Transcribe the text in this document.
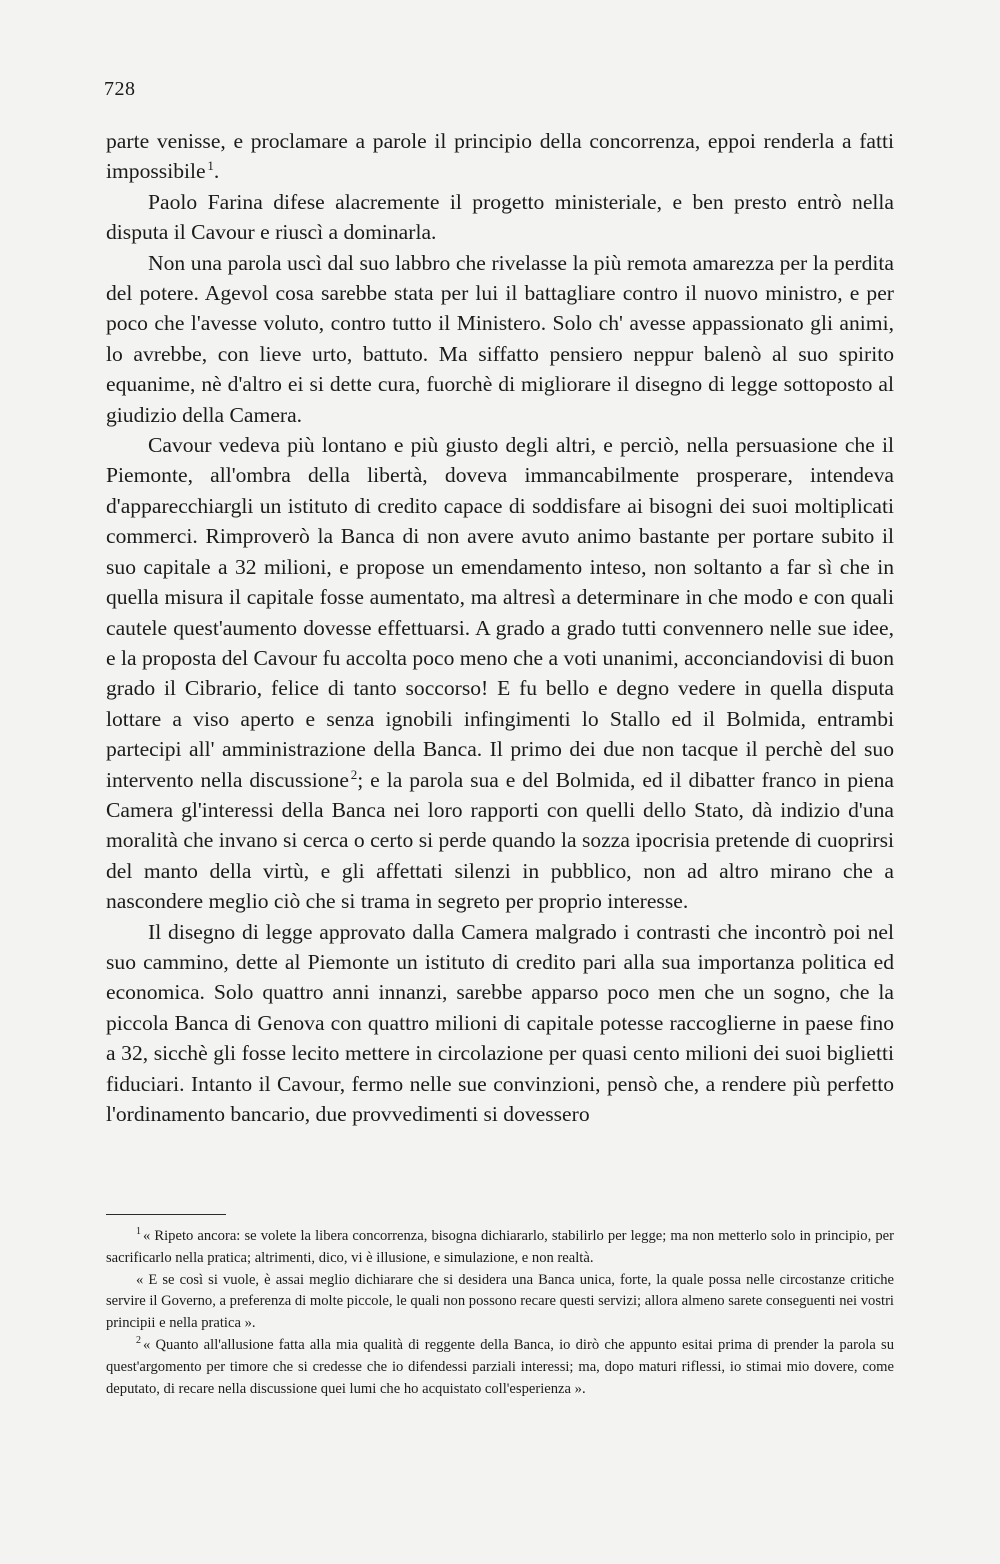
728

parte venisse, e proclamare a parole il principio della concorrenza, eppoi renderla a fatti impossibile  $^1$.

Paolo Farina difese alacremente il progetto ministeriale, e ben presto entrò nella disputa il Cavour e riuscì a dominarla.

Non una parola uscì dal suo labbro che rivelasse la più remota amarezza per la perdita del potere. Agevol cosa sarebbe stata per lui il battagliare contro il nuovo ministro, e per poco che l'avesse voluto, contro tutto il Ministero. Solo ch' avesse appassionato gli animi, lo avrebbe, con lieve urto, battuto. Ma siffatto pensiero neppur balenò al suo spirito equanime, nè d'altro ei si dette cura, fuorchè di migliorare il disegno di legge sottoposto al giudizio della Camera.

Cavour vedeva più lontano e più giusto degli altri, e perciò, nella persuasione che il Piemonte, all'ombra della libertà, doveva immancabilmente prosperare, intendeva d'apparecchiargli un istituto di credito capace di soddisfare ai bisogni dei suoi moltiplicati commerci. Rimproverò la Banca di non avere avuto animo bastante per portare subito il suo capitale a 32 milioni, e propose un emendamento inteso, non soltanto a far sì che in quella misura il capitale fosse aumentato, ma altresì a determinare in che modo e con quali cautele quest'aumento dovesse effettuarsi. A grado a grado tutti convennero nelle sue idee, e la proposta del Cavour fu accolta poco meno che a voti unanimi, acconciandovisi di buon grado il Cibrario, felice di tanto soccorso! E fu bello e degno vedere in quella disputa lottare a viso aperto e senza ignobili infingimenti lo Stallo ed il Bolmida, entrambi partecipi all' amministrazione della Banca. Il primo dei due non tacque il perchè del suo intervento nella discussione  $^2$; e la parola sua e del Bolmida, ed il dibatter franco in piena Camera gl'interessi della Banca nei loro rapporti con quelli dello Stato, dà indizio d'una moralità che invano si cerca o certo si perde quando la sozza ipocrisia pretende di cuoprirsi del manto della virtù, e gli affettati silenzi in pubblico, non ad altro mirano che a nascondere meglio ciò che si trama in segreto per proprio interesse.

Il disegno di legge approvato dalla Camera malgrado i contrasti che incontrò poi nel suo cammino, dette al Piemonte un istituto di credito pari alla sua importanza politica ed economica. Solo quattro anni innanzi, sarebbe apparso poco men che un sogno, che la piccola Banca di Genova con quattro milioni di capitale potesse raccoglierne in paese fino a 32, sicchè gli fosse lecito mettere in circolazione per quasi cento milioni dei suoi biglietti fiduciari. Intanto il Cavour, fermo nelle sue convinzioni, pensò che, a rendere più perfetto l'ordinamento bancario, due provvedimenti si dovessero

$^1$ « Ripeto ancora: se volete la libera concorrenza, bisogna dichiararlo, stabilirlo per legge; ma non metterlo solo in principio, per sacrificarlo nella pratica; altrimenti, dico, vi è illusione, e simulazione, e non realtà.

« E se così si vuole, è assai meglio dichiarare che si desidera una Banca unica, forte, la quale possa nelle circostanze critiche servire il Governo, a preferenza di molte piccole, le quali non possono recare questi servizi; allora almeno sarete conseguenti nei vostri principii e nella pratica ».

$^2$ « Quanto all'allusione fatta alla mia qualità di reggente della Banca, io dirò che appunto esitai prima di prender la parola su quest'argomento per timore che si credesse che io difendessi parziali interessi; ma, dopo maturi riflessi, io stimai mio dovere, come deputato, di recare nella discussione quei lumi che ho acquistato coll'esperienza ».
